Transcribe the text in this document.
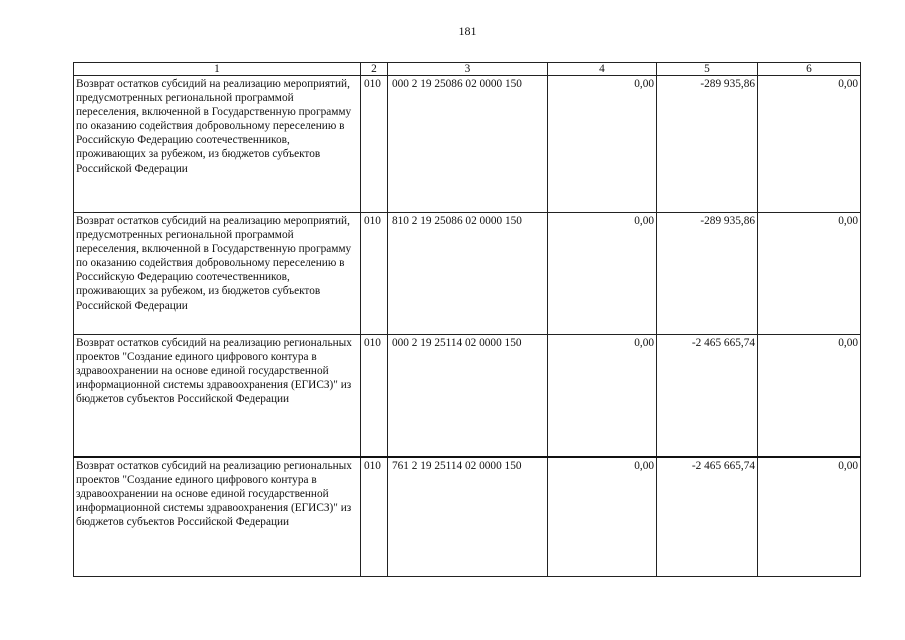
181
1	2	3	4	5	6
Возврат остатков субсидий на реализацию мероприятий, предусмотренных региональной программой переселения, включенной в Государственную программу по оказанию содействия добровольному переселению в Российскую Федерацию соотечественников, проживающих за рубежом, из бюджетов субъектов Российской Федерации	010	000 2 19 25086 02 0000 150	0,00	-289 935,86	0,00
Возврат остатков субсидий на реализацию мероприятий, предусмотренных региональной программой переселения, включенной в Государственную программу по оказанию содействия добровольному переселению в Российскую Федерацию соотечественников, проживающих за рубежом, из бюджетов субъектов Российской Федерации	010	810 2 19 25086 02 0000 150	0,00	-289 935,86	0,00
Возврат остатков субсидий на реализацию региональных проектов "Создание единого цифрового контура в здравоохранении на основе единой государственной информационной системы здравоохранения (ЕГИСЗ)" из бюджетов субъектов Российской Федерации	010	000 2 19 25114 02 0000 150	0,00	-2 465 665,74	0,00
Возврат остатков субсидий на реализацию региональных проектов "Создание единого цифрового контура в здравоохранении на основе единой государственной информационной системы здравоохранения (ЕГИСЗ)" из бюджетов субъектов Российской Федерации	010	761 2 19 25114 02 0000 150	0,00	-2 465 665,74	0,00
